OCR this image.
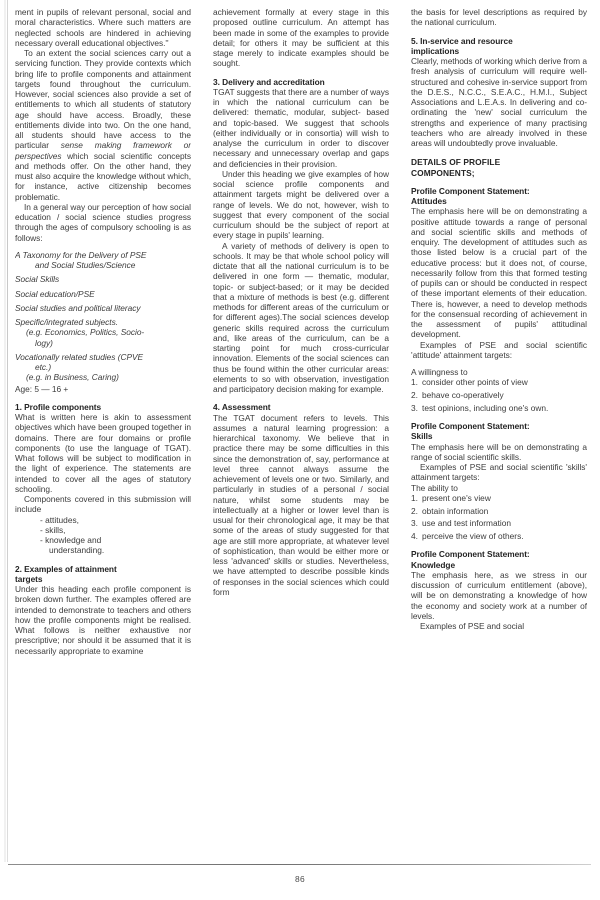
ment in pupils of relevant personal, social and moral characteristics. Where such matters are neglected schools are hindered in achieving necessary overall educational objectives.''

To an extent the social sciences carry out a servicing function. They provide contexts which bring life to profile components and attainment targets found throughout the curriculum. However, social sciences also provide a set of entitlements to which all students of statutory age should have access. Broadly, these entitlements divide into two. On the one hand, all students should have access to the particular sense making framework or perspectives which social scientific concepts and methods offer. On the other hand, they must also acquire the knowledge without which, for instance, active citizenship becomes problematic.

In a general way our perception of how social education / social science studies progress through the ages of compulsory schooling is as follows:

A Taxonomy for the Delivery of PSE

and Social Studies/Science

Social Skills

Social education/PSE

Social studies and political literacy

Specific/integrated subjects.

(e.g. Economics, Politics, Socio-

logy)

Vocationally related studies (CPVE

etc.)

(e.g. in Business, Caring)

Age: 5 — 16 +

1. Profile components

What is written here is akin to assessment objectives which have been grouped together in domains. There are four domains or profile components (to use the language of TGAT). What follows will be subject to modification in the light of experience. The statements are intended to cover all the ages of statutory schooling.

Components covered in this submission will include

- attitudes,
- skills,
- knowledge and
understanding.

2. Examples of attainment

targets

Under this heading each profile component is broken down further. The examples offered are intended to demonstrate to teachers and others how the profile components might be realised. What follows is neither exhaustive nor prescriptive; nor should it be assumed that it is necessarily appropriate to examine

achievement formally at every stage in this proposed outline curriculum. An attempt has been made in some of the examples to provide detail; for others it may be sufficient at this stage merely to indicate examples should be sought.

3. Delivery and accreditation

TGAT suggests that there are a number of ways in which the national curriculum can be delivered: thematic, modular, subject- based and topic-based. We suggest that schools (either individually or in consortia) will wish to analyse the curriculum in order to discover necessary and unnecessary overlap and gaps and deficiencies in their provision.

Under this heading we give examples of how social science profile components and attainment targets might be delivered over a range of levels. We do not, however, wish to suggest that every component of the social curriculum should be the subject of report at every stage in pupils' learning.

A variety of methods of delivery is open to schools. It may be that whole school policy will dictate that all the national curriculum is to be delivered in one form — thematic, modular, topic- or subject-based; or it may be decided that a mixture of methods is best (e.g. different methods for different areas of the curriculum or for different ages).The social sciences develop generic skills required across the curriculum and, like areas of the curriculum, can be a starting point for much cross-curricular innovation. Elements of the social sciences can thus be found within the other curricular areas: elements to so with observation, investigation and participatory decision making for example.

4. Assessment

The TGAT document refers to levels. This assumes a natural learning progression: a hierarchical taxonomy. We believe that in practice there may be some difficulties in this since the demonstration of, say, performance at level three cannot always assume the achievement of levels one or two. Similarly, and particularly in studies of a personal / social nature, whilst some students may be intellectually at a higher or lower level than is usual for their chronological age, it may be that some of the areas of study suggested for that age are still more appropriate, at whatever level of sophistication, than would be either more or less 'advanced' skills or studies. Nevertheless, we have attempted to describe possible kinds of responses in the social sciences which could form

the basis for level descriptions as required by the national curriculum.

5. In-service and resource

implications

Clearly, methods of working which derive from a fresh analysis of curriculum will require well-structured and cohesive in-service support from the D.E.S., N.C.C., S.E.A.C., H.M.I., Subject Associations and L.E.A.s. In delivering and co-ordinating the 'new' social curriculum the strengths and experience of many practising teachers who are already involved in these areas will undoubtedly prove invaluable.

DETAILS OF PROFILE

COMPONENTS;

Profile Component Statement:

Attitudes

The emphasis here will be on demonstrating a positive attitude towards a range of personal and social scientific skills and methods of enquiry. The development of attitudes such as those listed below is a crucial part of the educative process: but it does not, of course, necessarily follow from this that formed testing of pupils can or should be conducted in respect of these important elements of their education. There is, however, a need to develop methods for the consensual recording of achievement in the assessment of pupils' attitudinal development.

Examples of PSE and social scientific 'attitude' attainment targets:

A willingness to

1. consider other points of view
2. behave co-operatively
3. test opinions, including one's own.

Profile Component Statement:

Skills

The emphasis here will be on demonstrating a range of social scientific skills.

Examples of PSE and social scientific 'skills' attainment targets:

The ability to

1. present one's view
2. obtain information
3. use and test information
4. perceive the view of others.

Profile Component Statement:

Knowledge

The emphasis here, as we stress in our discussion of curriculum entitlement (above), will be on demonstrating a knowledge of how the economy and society work at a number of levels.

Examples of PSE and social

86
